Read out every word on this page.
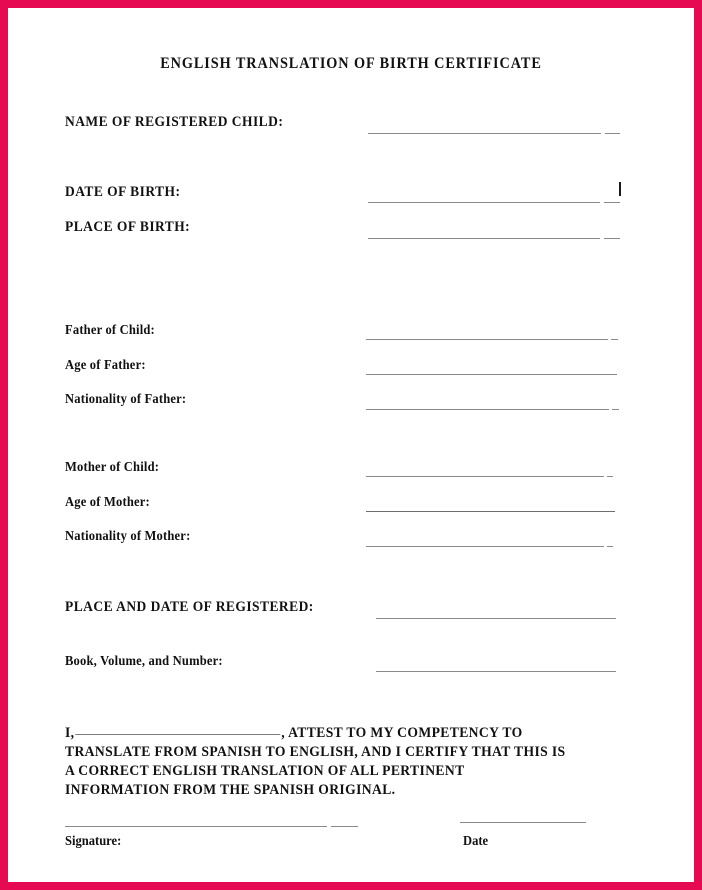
ENGLISH TRANSLATION OF BIRTH CERTIFICATE
NAME OF REGISTERED CHILD:
DATE OF BIRTH:
PLACE OF BIRTH:
Father of Child:
Age of Father:
Nationality of Father:
Mother of Child:
Age of Mother:
Nationality of Mother:
PLACE AND DATE OF REGISTERED:
Book, Volume, and Number:
I,	, ATTEST TO MY COMPETENCY TO
TRANSLATE FROM SPANISH TO ENGLISH, AND I CERTIFY THAT THIS IS
A CORRECT ENGLISH TRANSLATION OF ALL PERTINENT
INFORMATION FROM THE SPANISH ORIGINAL.
Signature:	Date
